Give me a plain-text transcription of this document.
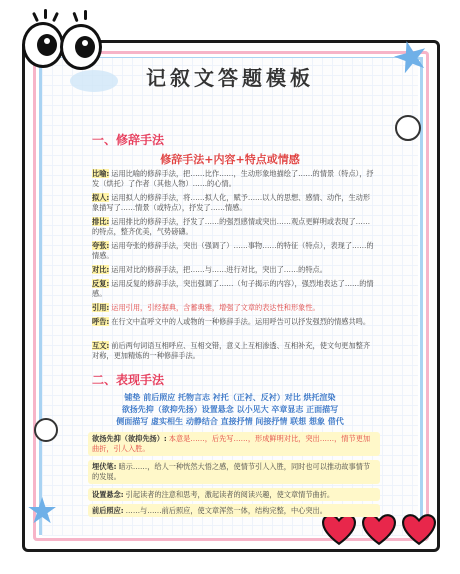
★
★
记叙文答题模板
一、修辞手法
修辞手法+内容+特点或情感
比喻: 运用比喻的修辞手法，把……比作……，生动形象地描绘了……的情景（特点），抒发（烘托）了作者（其他人物）……的心情。
拟人: 运用拟人的修辞手法，将……拟人化，赋予……以人的思想、感情、动作，生动形象描写了……情景（或特点），抒发了……情感。
排比: 运用排比的修辞手法，抒发了……的强烈感情或突出……观点更鲜明或表现了……的特点，整齐优美，气势磅礴。
夸张: 运用夸张的修辞手法，突出（强调了）……事物……的特征（特点），表现了……的情感。
对比: 运用对比的修辞手法，把……与……进行对比，突出了……的特点。
反复: 运用反复的修辞手法，突出强调了……（句子揭示的内容），强烈地表达了……的情感。
引用: 运用引用，引经据典，含蓄典雅，增强了文章的表达性和形象性。
呼告: 在行文中直呼文中的人或物的一种修辞手法。运用呼告可以抒发强烈的情感共鸣。
互文: 前后两句词语互相呼应、互相交错，意义上互相渗透、互相补充，使文句更加整齐对称，更加精炼的一种修辞手法。
二、表现手法
铺垫 前后照应 托物言志 衬托（正衬、反衬）对比 烘托渲染
欲扬先抑（欲抑先扬）设置悬念 以小见大 卒章显志 正面描写
侧面描写 虚实相生 动静结合 直接抒情 间接抒情 联想 想象 借代
欲扬先抑（欲抑先扬）: 本意是……，后先写……，形成鲜明对比，突出……，情节更加曲折，引人入胜。
埋伏笔: 暗示……，给人一种恍然大悟之感，使情节引人入胜，同时也可以推动故事情节的发展。
设置悬念: 引起读者的注意和思考，激起读者的阅读兴趣，使文章情节曲折。
前后照应: ……与……前后照应，使文章浑然一体，结构完整，中心突出。
